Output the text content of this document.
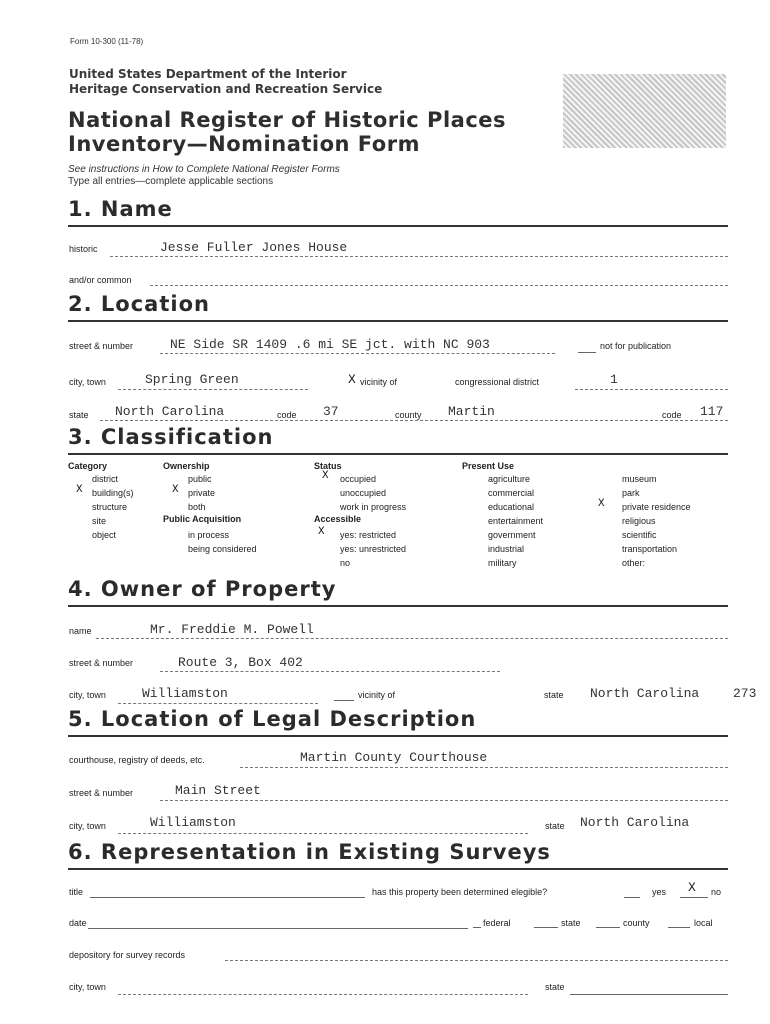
Form 10-300 (11-78)
United States Department of the Interior
Heritage Conservation and Recreation Service
National Register of Historic Places
Inventory—Nomination Form
See instructions in How to Complete National Register Forms
Type all entries—complete applicable sections
1. Name
historic	Jesse Fuller Jones House
and/or common
2. Location
street & number	NE Side SR 1409 .6 mi SE jct. with NC 903	not for publication
city, town	Spring Green	X vicinity of	congressional district	1
state North Carolina	code 37	county Martin	code 117
3. Classification
Category
district
X building(s)
structure
site
object
Ownership
public
X private
both
Public Acquisition
in process
being considered
Status
X occupied
unoccupied
work in progress
Accessible
X yes: restricted
yes: unrestricted
no
Present Use
agriculture
commercial
educational
entertainment
government
industrial
military
museum
park
X private residence
religious
scientific
transportation
other:
4. Owner of Property
name	Mr. Freddie M. Powell
street & number	Route 3, Box 402
city, town	Williamston	vicinity of	state North Carolina	273
5. Location of Legal Description
courthouse, registry of deeds, etc.	Martin County Courthouse
street & number	Main Street
city, town	Williamston	state North Carolina
6. Representation in Existing Surveys
title	has this property been determined elegible?	yes X no
date	federal	state	county	local
depository for survey records
city, town	state
